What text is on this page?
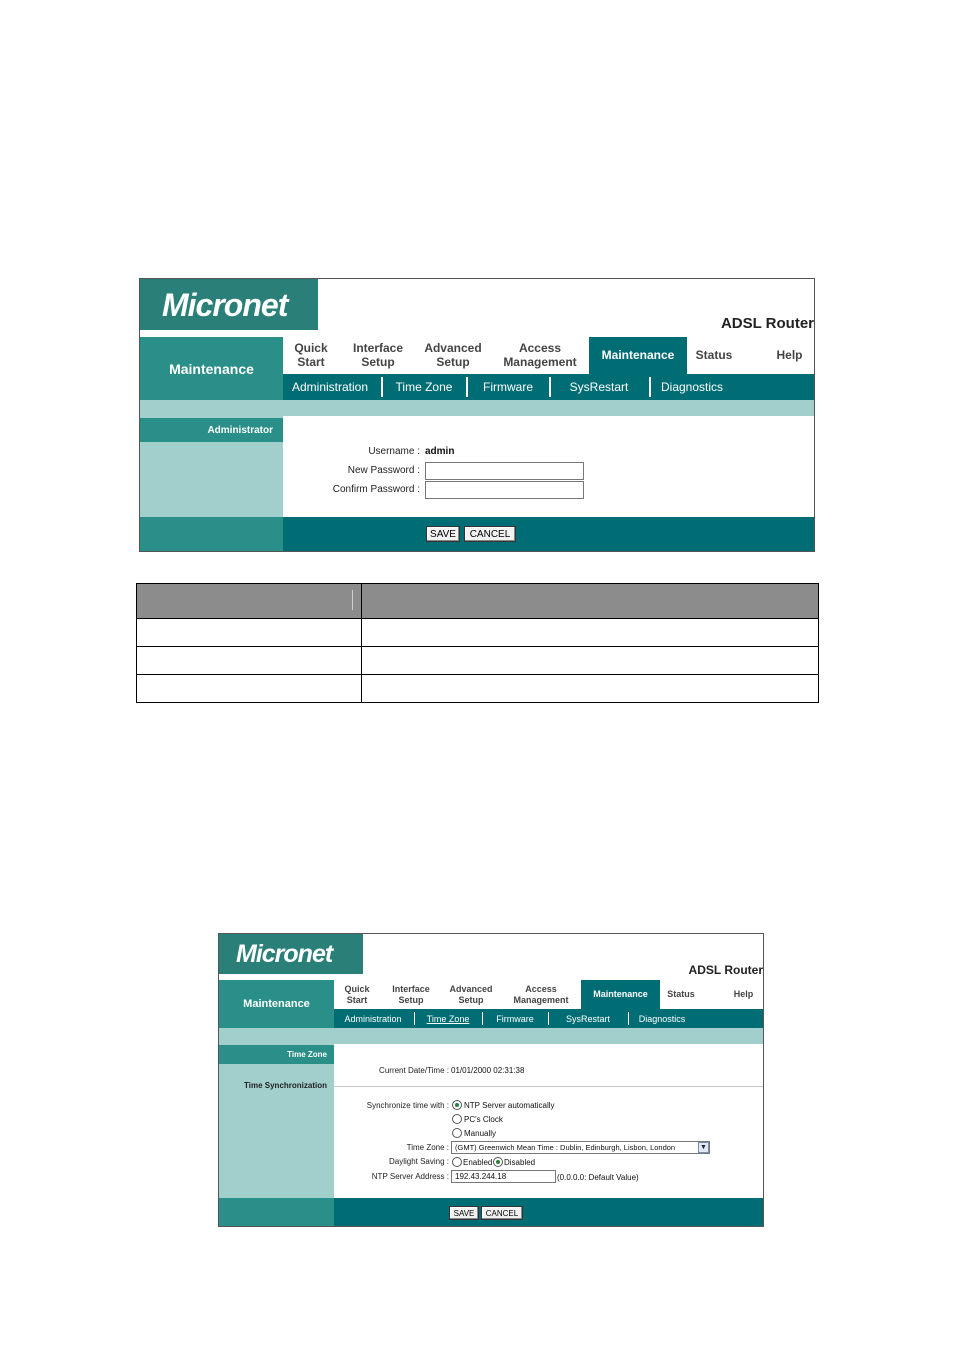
Micronet
ADSL Router
Maintenance
Quick
Start
Interface
Setup
Advanced
Setup
Access
Management Maintenance Status	Help
Administration	Time Zone	Firmware	SysRestart	Diagnostics
Administrator
Username : admin
New Password :
Confirm Password :
SAVE	CANCEL

Micronet
ADSL Router
Maintenance
Quick
Start
Interface
Setup
Advanced
Setup
Access
Management
Maintenance Status	Help
Administration	Time Zone	Firmware	SysRestart	Diagnostics
Time Zone
Time Synchronization
Current Date/Time : 01/01/2000 02:31:38
Synchronize time with : NTP Server automatically
PC's Clock
Manually
Time Zone : (GMT) Greenwich Mean Time : Dublin, Edinburgh, Lisbon, London	▼
Daylight Saving : Enabled Disabled
NTP Server Address : 192.43.244.18	(0.0.0.0: Default Value)
SAVE	CANCEL
